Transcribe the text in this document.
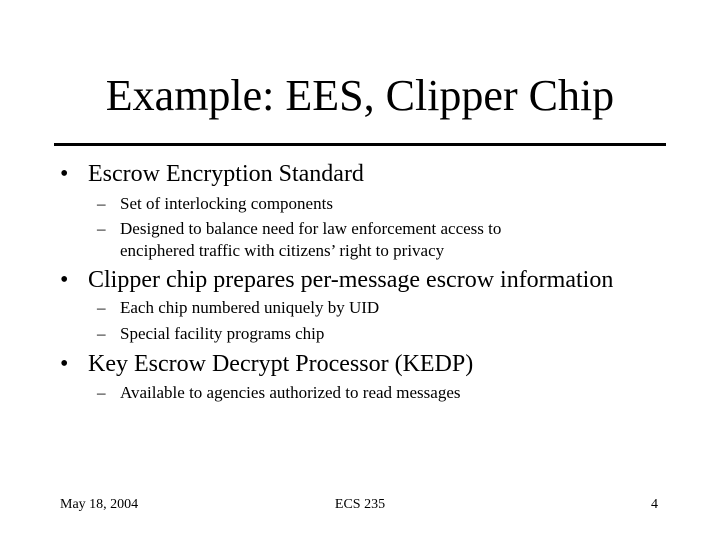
Example: EES, Clipper Chip
• Escrow Encryption Standard
– Set of interlocking components
– Designed to balance need for law enforcement access to
enciphered traffic with citizens’ right to privacy
• Clipper chip prepares per-message escrow information
– Each chip numbered uniquely by UID
– Special facility programs chip
• Key Escrow Decrypt Processor (KEDP)
– Available to agencies authorized to read messages
May 18, 2004	ECS 235	4
